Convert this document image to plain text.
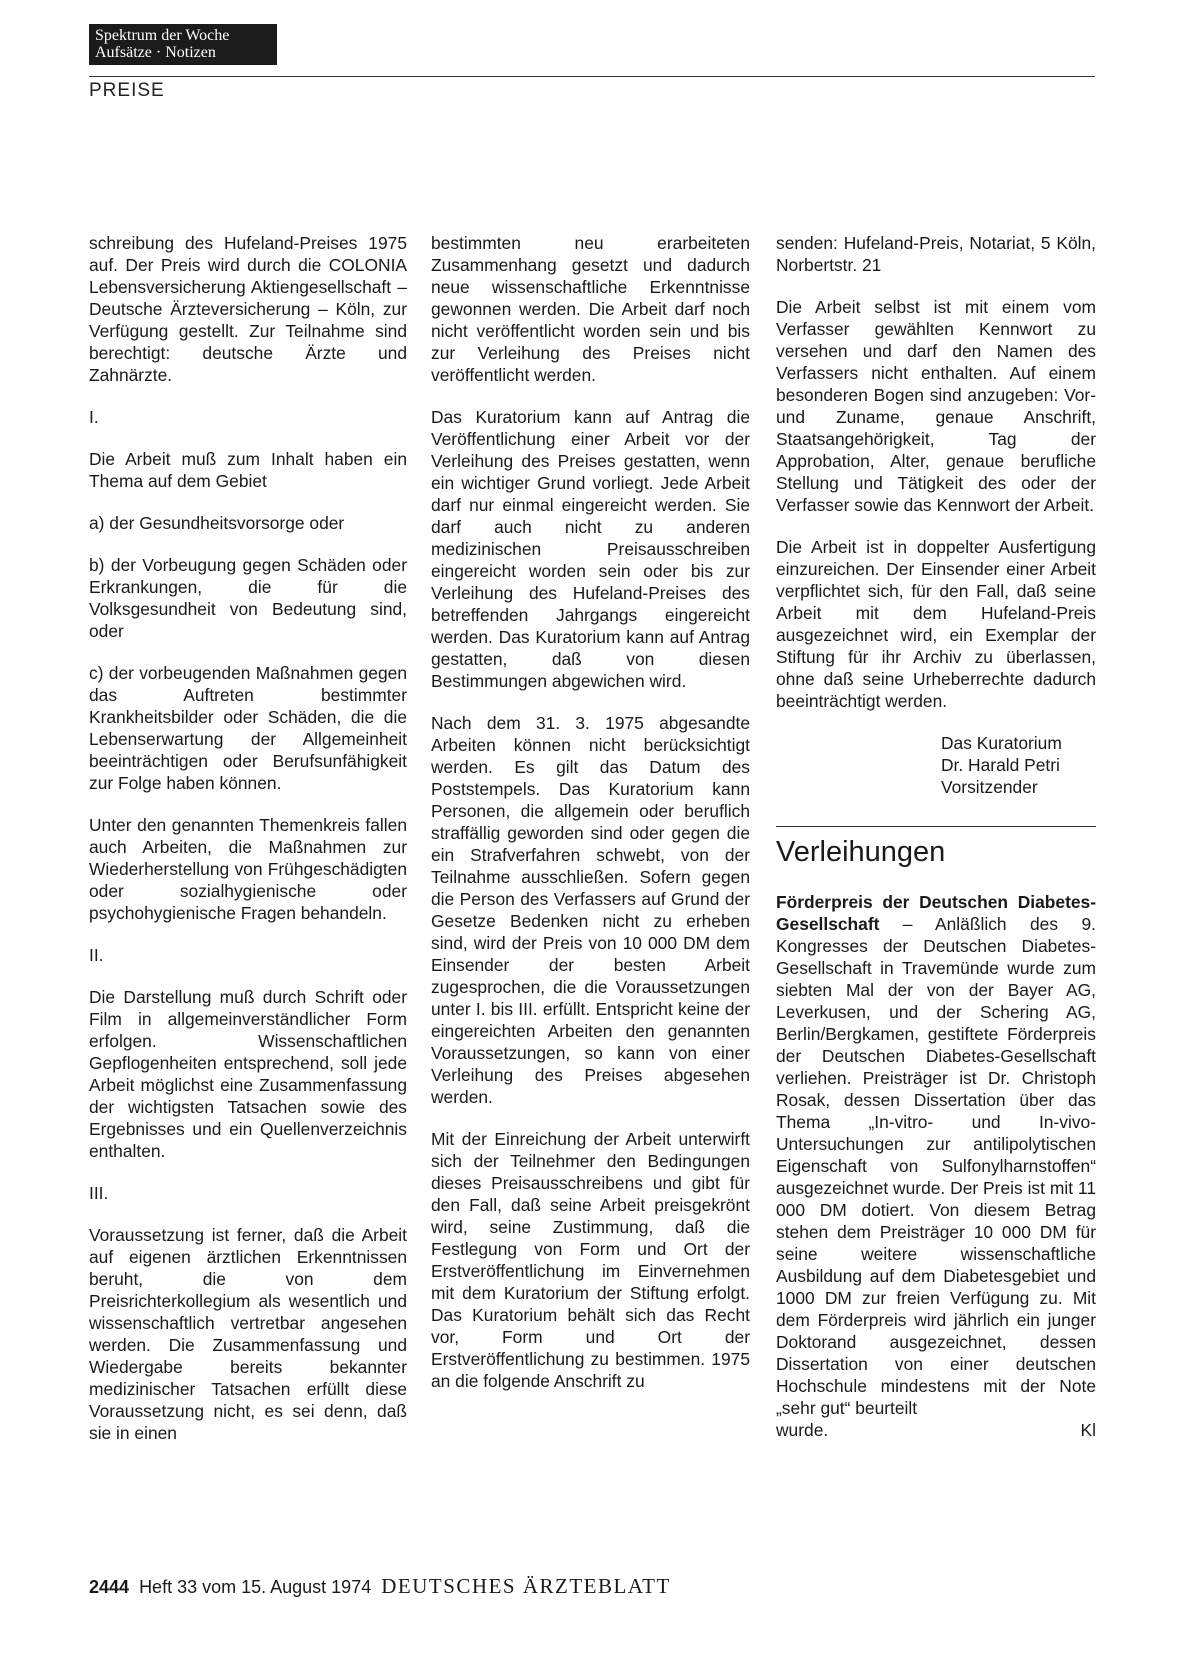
Spektrum der Woche
Aufsätze · Notizen
PREISE

schreibung des Hufeland-Preises 1975 auf. Der Preis wird durch die COLONIA Lebensversicherung Aktiengesellschaft – Deutsche Ärzteversicherung – Köln, zur Verfügung gestellt. Zur Teilnahme sind berechtigt: deutsche Ärzte und Zahnärzte.

I.

Die Arbeit muß zum Inhalt haben ein Thema auf dem Gebiet

a) der Gesundheitsvorsorge oder

b) der Vorbeugung gegen Schäden oder Erkrankungen, die für die Volksgesundheit von Bedeutung sind, oder

c) der vorbeugenden Maßnahmen gegen das Auftreten bestimmter Krankheitsbilder oder Schäden, die die Lebenserwartung der Allgemeinheit beeinträchtigen oder Berufsunfähigkeit zur Folge haben können.

Unter den genannten Themenkreis fallen auch Arbeiten, die Maßnahmen zur Wiederherstellung von Frühgeschädigten oder sozialhygienische oder psychohygienische Fragen behandeln.

II.

Die Darstellung muß durch Schrift oder Film in allgemeinverständlicher Form erfolgen. Wissenschaftlichen Gepflogenheiten entsprechend, soll jede Arbeit möglichst eine Zusammenfassung der wichtigsten Tatsachen sowie des Ergebnisses und ein Quellenverzeichnis enthalten.

III.

Voraussetzung ist ferner, daß die Arbeit auf eigenen ärztlichen Erkenntnissen beruht, die von dem Preisrichterkollegium als wesentlich und wissenschaftlich vertretbar angesehen werden. Die Zusammenfassung und Wiedergabe bereits bekannter medizinischer Tatsachen erfüllt diese Voraussetzung nicht, es sei denn, daß sie in einen

bestimmten neu erarbeiteten Zusammenhang gesetzt und dadurch neue wissenschaftliche Erkenntnisse gewonnen werden. Die Arbeit darf noch nicht veröffentlicht worden sein und bis zur Verleihung des Preises nicht veröffentlicht werden.

Das Kuratorium kann auf Antrag die Veröffentlichung einer Arbeit vor der Verleihung des Preises gestatten, wenn ein wichtiger Grund vorliegt. Jede Arbeit darf nur einmal eingereicht werden. Sie darf auch nicht zu anderen medizinischen Preisausschreiben eingereicht worden sein oder bis zur Verleihung des Hufeland-Preises des betreffenden Jahrgangs eingereicht werden. Das Kuratorium kann auf Antrag gestatten, daß von diesen Bestimmungen abgewichen wird.

Nach dem 31. 3. 1975 abgesandte Arbeiten können nicht berücksichtigt werden. Es gilt das Datum des Poststempels. Das Kuratorium kann Personen, die allgemein oder beruflich straffällig geworden sind oder gegen die ein Strafverfahren schwebt, von der Teilnahme ausschließen. Sofern gegen die Person des Verfassers auf Grund der Gesetze Bedenken nicht zu erheben sind, wird der Preis von 10 000 DM dem Einsender der besten Arbeit zugesprochen, die die Voraussetzungen unter I. bis III. erfüllt. Entspricht keine der eingereichten Arbeiten den genannten Voraussetzungen, so kann von einer Verleihung des Preises abgesehen werden.

Mit der Einreichung der Arbeit unterwirft sich der Teilnehmer den Bedingungen dieses Preisausschreibens und gibt für den Fall, daß seine Arbeit preisgekrönt wird, seine Zustimmung, daß die Festlegung von Form und Ort der Erstveröffentlichung im Einvernehmen mit dem Kuratorium der Stiftung erfolgt. Das Kuratorium behält sich das Recht vor, Form und Ort der Erstveröffentlichung zu bestimmen. 1975 an die folgende Anschrift zu

senden: Hufeland-Preis, Notariat, 5 Köln, Norbertstr. 21

Die Arbeit selbst ist mit einem vom Verfasser gewählten Kennwort zu versehen und darf den Namen des Verfassers nicht enthalten. Auf einem besonderen Bogen sind anzugeben: Vor- und Zuname, genaue Anschrift, Staatsangehörigkeit, Tag der Approbation, Alter, genaue berufliche Stellung und Tätigkeit des oder der Verfasser sowie das Kennwort der Arbeit.

Die Arbeit ist in doppelter Ausfertigung einzureichen. Der Einsender einer Arbeit verpflichtet sich, für den Fall, daß seine Arbeit mit dem Hufeland-Preis ausgezeichnet wird, ein Exemplar der Stiftung für ihr Archiv zu überlassen, ohne daß seine Urheberrechte dadurch beeinträchtigt werden.

Das Kuratorium
Dr. Harald Petri
Vorsitzender
Verleihungen

Förderpreis der Deutschen Diabetes-Gesellschaft – Anläßlich des 9. Kongresses der Deutschen Diabetes-Gesellschaft in Travemünde wurde zum siebten Mal der von der Bayer AG, Leverkusen, und der Schering AG, Berlin/Bergkamen, gestiftete Förderpreis der Deutschen Diabetes-Gesellschaft verliehen. Preisträger ist Dr. Christoph Rosak, dessen Dissertation über das Thema „In-vitro- und In-vivo-Untersuchungen zur antilipolytischen Eigenschaft von Sulfonylharnstoffen“ ausgezeichnet wurde. Der Preis ist mit 11 000 DM dotiert. Von diesem Betrag stehen dem Preisträger 10 000 DM für seine weitere wissenschaftliche Ausbildung auf dem Diabetesgebiet und 1000 DM zur freien Verfügung zu. Mit dem Förderpreis wird jährlich ein junger Doktorand ausgezeichnet, dessen Dissertation von einer deutschen Hochschule mindestens mit der Note „sehr gut“ beurteilt

wurde.	Kl
2444 Heft 33 vom 15. August 1974 DEUTSCHES ÄRZTEBLATT
